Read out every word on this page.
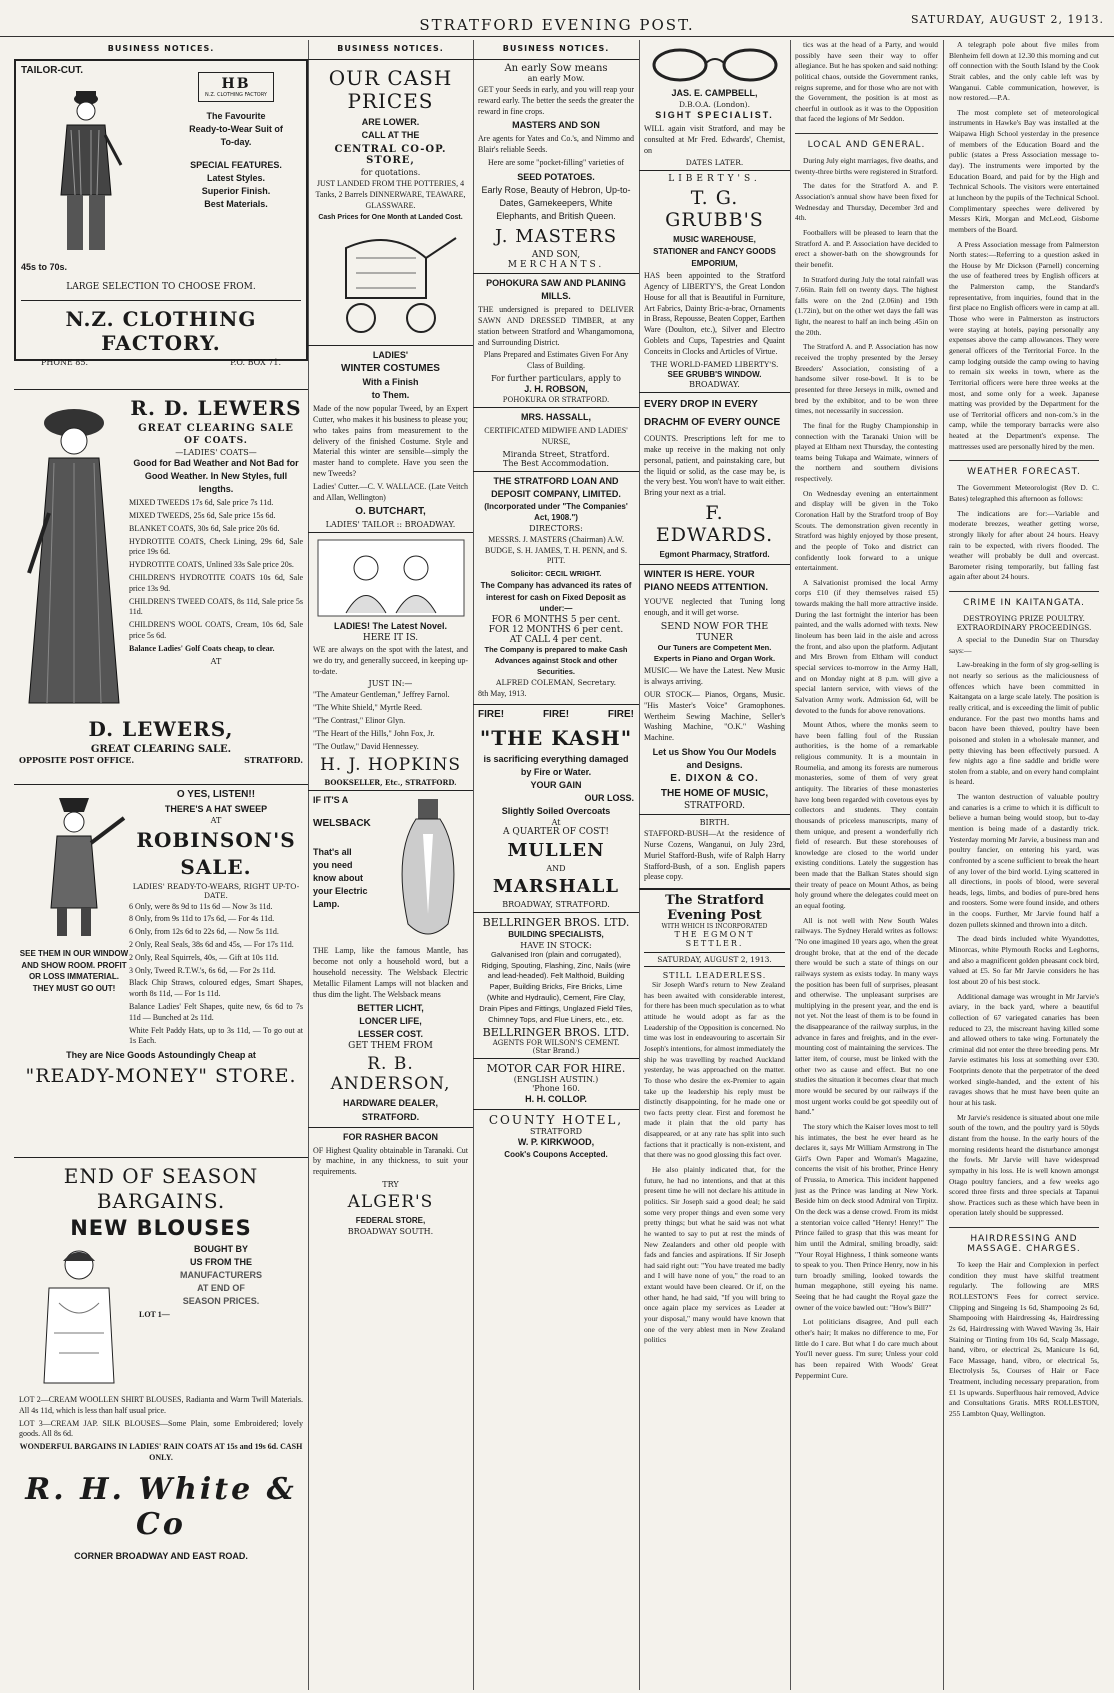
STRATFORD EVENING POST.	SATURDAY, AUGUST 2, 1913.
BUSINESS NOTICES.
TAILOR-CUT.
45s to 70s.
HB
N.Z. CLOTHING FACTORY
The Favourite
Ready-to-Wear Suit of
To-day.
SPECIAL FEATURES.
Latest Styles.
Superior Finish.
Best Materials.
LARGE SELECTION TO CHOOSE FROM.
N.Z. CLOTHING FACTORY.
PHONE 85.	P.O. BOX 71.
R. D. LEWERS
GREAT CLEARING SALE
OF COATS.
—LADIES' COATS—
Good for Bad Weather and Not Bad for Good Weather. In New Styles, full lengths.
MIXED TWEEDS 17s 6d, Sale price 7s 11d.
MIXED TWEEDS, 25s 6d, Sale price 15s 6d.
BLANKET COATS, 30s 6d, Sale price 20s 6d.
HYDROTITE COATS, Check Lining, 29s 6d, Sale price 19s 6d.
HYDROTITE COATS, Unlined 33s Sale price 20s.
CHILDREN'S HYDROTITE COATS 10s 6d, Sale price 13s 9d.
CHILDREN'S TWEED COATS, 8s 11d, Sale price 5s 11d.
CHILDREN'S WOOL COATS, Cream, 10s 6d, Sale price 5s 6d.
Balance Ladies' Golf Coats cheap, to clear.
AT
D. LEWERS,
GREAT CLEARING SALE.
OPPOSITE POST OFFICE.	STRATFORD.
SEE THEM IN OUR WINDOW AND SHOW ROOM. PROFIT OR LOSS IMMATERIAL. THEY MUST GO OUT!
O YES, LISTEN!!
THERE'S A HAT SWEEP
AT
ROBINSON'S
SALE.
LADIES' READY-TO-WEARS, RIGHT UP-TO-DATE.
6 Only, were 8s 9d to 11s 6d — Now 3s 11d.
8 Only, from 9s 11d to 17s 6d, — For 4s 11d.
6 Only, from 12s 6d to 22s 6d, — Now 5s 11d.
2 Only, Real Seals, 38s 6d and 45s, — For 17s 11d.
2 Only, Real Squirrels, 40s, — Gift at 10s 11d.
3 Only, Tweed R.T.W.'s, 6s 6d, — For 2s 11d.
Black Chip Straws, coloured edges, Smart Shapes, worth 8s 11d, — For 1s 11d.
Balance Ladies' Felt Shapes, quite new, 6s 6d to 7s 11d — Bunched at 2s 11d.
White Felt Paddy Hats, up to 3s 11d, — To go out at 1s Each.
They are Nice Goods Astoundingly Cheap at
"READY-MONEY" STORE.
END OF SEASON
BARGAINS.
NEW BLOUSES
BOUGHT BY
US FROM THE
MANUFACTURERS
AT END OF
SEASON PRICES.
LOT 1—
LOT 2—CREAM WOOLLEN SHIRT BLOUSES, Radianta and Warm Twill Materials. All 4s 11d, which is less than half usual price.
LOT 3—CREAM JAP. SILK BLOUSES—Some Plain, some Embroidered; lovely goods. All 8s 6d.
WONDERFUL BARGAINS IN LADIES' RAIN COATS AT 15s and 19s 6d. CASH ONLY.
R. H. White & Co
CORNER BROADWAY AND EAST ROAD.
BUSINESS NOTICES.
OUR CASH
PRICES
ARE LOWER.
CALL AT THE
CENTRAL CO-OP. STORE,
for quotations.
JUST LANDED FROM THE POTTERIES, 4 Tanks, 2 Barrels DINNERWARE, TEAWARE, GLASSWARE.
Cash Prices for One Month at Landed Cost.
LADIES'
WINTER COSTUMES
With a Finish
to Them.
Made of the now popular Tweed, by an Expert Cutter, who makes it his business to please you; who takes pains from measurement to the delivery of the finished Costume. Style and Material this winter are sensible—simply the master hand to complete. Have you seen the new Tweeds?
Ladies' Cutter.—C. V. WALLACE. (Late Veitch and Allan, Wellington)
O. BUTCHART,
LADIES' TAILOR :: BROADWAY.
LADIES! The Latest Novel.
HERE IT IS.
WE are always on the spot with the latest, and we do try, and generally succeed, in keeping up-to-date.
JUST IN:—
"The Amateur Gentleman," Jeffrey Farnol.
"The White Shield," Myrtle Reed.
"The Contrast," Elinor Glyn.
"The Heart of the Hills," John Fox, Jr.
"The Outlaw," David Hennessey.
H. J. HOPKINS
BOOKSELLER, Etc., STRATFORD.
IF IT'S A
WELSBACK
That's all
you need
know about
your Electric Lamp.
THE Lamp, like the famous Mantle, has become not only a household word, but a household necessity. The Welsback Electric Metallic Filament Lamps will not blacken and thus dim the light. The Welsback means
BETTER LICHT,
LONCER LIFE,
LESSER COST.
GET THEM FROM
R. B. ANDERSON,
HARDWARE DEALER,
STRATFORD.
FOR RASHER BACON
OF Highest Quality obtainable in Taranaki. Cut by machine, in any thickness, to suit your requirements.
TRY
ALGER'S
FEDERAL STORE,
BROADWAY SOUTH.
BUSINESS NOTICES.
An early Sow means
an early Mow.
GET your Seeds in early, and you will reap your reward early. The better the seeds the greater the reward in fine crops.
MASTERS AND SON
Are agents for Yates and Co.'s, and Nimmo and Blair's reliable Seeds.
Here are some "pocket-filling" varieties of
SEED POTATOES.
Early Rose, Beauty of Hebron, Up-to-Dates, Gamekeepers, White Elephants, and British Queen.
J. MASTERS
AND SON,
MERCHANTS.
POHOKURA SAW AND PLANING MILLS.
THE undersigned is prepared to DELIVER SAWN AND DRESSED TIMBER, at any station between Stratford and Whangamomona, and Surrounding District.
Plans Prepared and Estimates Given For Any Class of Building.
For further particulars, apply to
J. H. ROBSON,
POHOKURA OR STRATFORD.
MRS. HASSALL,
CERTIFICATED MIDWIFE AND LADIES' NURSE,
Miranda Street, Stratford.
The Best Accommodation.
THE STRATFORD LOAN AND DEPOSIT COMPANY, LIMITED.
(Incorporated under "The Companies' Act, 1908.")
DIRECTORS:
MESSRS. J. MASTERS (Chairman) A.W. BUDGE, S. H. JAMES, T. H. PENN, and S. PITT.
Solicitor: CECIL WRIGHT.
The Company has advanced its rates of interest for cash on Fixed Deposit as under:—
FOR 6 MONTHS 5 per cent.
FOR 12 MONTHS 6 per cent.
AT CALL 4 per cent.
The Company is prepared to make Cash Advances against Stock and other Securities.
ALFRED COLEMAN, Secretary.
8th May, 1913.
FIRE!	FIRE!	FIRE!
"THE KASH"
is sacrificing everything damaged by Fire or Water.
YOUR GAIN
OUR LOSS.
Slightly Soiled Overcoats
At
A QUARTER OF COST!
MULLEN
AND
MARSHALL
BROADWAY, STRATFORD.
BELLRINGER BROS. LTD.
BUILDING SPECIALISTS,
HAVE IN STOCK:
Galvanised Iron (plain and corrugated), Ridging, Spouting, Flashing, Zinc, Nails (wire and lead-headed). Felt Malthoid, Building Paper, Building Bricks, Fire Bricks, Lime (White and Hydraulic), Cement, Fire Clay, Drain Pipes and Fittings, Unglazed Field Tiles, Chimney Tops, and Flue Liners, etc., etc.
BELLRINGER BROS. LTD.
AGENTS FOR WILSON'S CEMENT.
(Star Brand.)
MOTOR CAR FOR HIRE.
(ENGLISH AUSTIN.)
'Phone 160.
H. H. COLLOP.
COUNTY HOTEL,
STRATFORD
W. P. KIRKWOOD,
Cook's Coupons Accepted.
JAS. E. CAMPBELL,
D.B.O.A. (London).
SIGHT SPECIALIST.
WILL again visit Stratford, and may be consulted at Mr Fred. Edwards', Chemist, on
DATES LATER.
LIBERTY'S.
T. G. GRUBB'S
MUSIC WAREHOUSE,
STATIONER and FANCY GOODS EMPORIUM,
HAS been appointed to the Stratford Agency of LIBERTY'S, the Great London House for all that is Beautiful in Furniture, Art Fabrics, Dainty Bric-a-brac, Ornaments in Brass, Repousse, Beaten Copper, Earthen Ware (Doulton, etc.), Silver and Electro Goblets and Cups, Tapestries and Quaint Conceits in Clocks and Articles of Virtue.
THE WORLD-FAMED LIBERTY'S.
SEE GRUBB'S WINDOW.
BROADWAY.
EVERY DROP IN EVERY DRACHM OF EVERY OUNCE
COUNTS. Prescriptions left for me to make up receive in the making not only personal, patient, and painstaking care, but the liquid or solid, as the case may be, is the very best. You won't have to wait either. Bring your next as a trial.
F. EDWARDS.
Egmont Pharmacy, Stratford.
WINTER IS HERE. YOUR PIANO NEEDS ATTENTION.
YOU'VE neglected that Tuning long enough, and it will get worse.
SEND NOW FOR THE TUNER
Our Tuners are Competent Men. Experts in Piano and Organ Work.
MUSIC— We have the Latest. New Music is always arriving.
OUR STOCK— Pianos, Organs, Music. "His Master's Voice" Gramophones. Wertheim Sewing Machine, Seller's Washing Machine, "O.K." Washing Machine.
Let us Show You Our Models and Designs.
E. DIXON & CO.
THE HOME OF MUSIC,
STRATFORD.
BIRTH.
STAFFORD-BUSH—At the residence of Nurse Cozens, Wanganui, on July 23rd, Muriel Stafford-Bush, wife of Ralph Harry Stafford-Bush, of a son. English papers please copy.
The Stratford Evening Post
WITH WHICH IS INCORPORATED
THE EGMONT SETTLER.
SATURDAY, AUGUST 2, 1913.
STILL LEADERLESS.

Sir Joseph Ward's return to New Zealand has been awaited with considerable interest, for there has been much speculation as to what attitude he would adopt as far as the Leadership of the Opposition is concerned. No time was lost in endeavouring to ascertain Sir Joseph's intentions, for almost immediately the ship he was travelling by reached Auckland yesterday, he was approached on the matter. To those who desire the ex-Premier to again take up the leadership his reply must be distinctly disappointing, for he made one or two facts pretty clear. First and foremost he made it plain that the old party has disappeared, or at any rate has split into such factions that it practically is non-existent, and that there was no good glossing this fact over.

He also plainly indicated that, for the future, he had no intentions, and that at this present time he will not declare his attitude in politics. Sir Joseph said a good deal; he said some very proper things and even some very pretty things; but what he said was not what he wanted to say to put at rest the minds of New Zealanders and other old people with fads and fancies and aspirations. If Sir Joseph had said right out: "You have treated me badly and I will have none of you," the road to an extant would have been cleared. Or if, on the other hand, he had said, "If you will bring to once again place my services as Leader at your disposal," many would have known that one of the very ablest men in New Zealand politics

tics was at the head of a Party, and would possibly have seen their way to offer allegiance. But he has spoken and said nothing: political chaos, outside the Government ranks, reigns supreme, and for those who are not with the Government, the position is at most as cheerful in outlook as it was to the Opposition that faced the legions of Mr Seddon.

LOCAL AND GENERAL.

During July eight marriages, five deaths, and twenty-three births were registered in Stratford.

The dates for the Stratford A. and P. Association's annual show have been fixed for Wednesday and Thursday, December 3rd and 4th.

Footballers will be pleased to learn that the Stratford A. and P. Association have decided to erect a shower-bath on the showgrounds for their benefit.

In Stratford during July the total rainfall was 7.66in. Rain fell on twenty days. The highest falls were on the 2nd (2.06in) and 19th (1.72in), but on the other wet days the fall was light, the nearest to half an inch being .45in on the 20th.

The Stratford A. and P. Association has now received the trophy presented by the Jersey Breeders' Association, consisting of a handsome silver rose-bowl. It is to be presented for three Jerseys in milk, owned and bred by the exhibitor, and to be won three times, not necessarily in succession.

The final for the Rugby Championship in connection with the Taranaki Union will be played at Eltham next Thursday, the contesting teams being Tukapa and Waimate, winners of the northern and southern divisions respectively.

On Wednesday evening an entertainment and display will be given in the Toko Coronation Hall by the Stratford troop of Boy Scouts. The demonstration given recently in Stratford was highly enjoyed by those present, and the people of Toko and district can confidently look forward to a unique entertainment.

A Salvationist promised the local Army corps £10 (if they themselves raised £5) towards making the hall more attractive inside. During the last fortnight the interior has been painted, and the walls adorned with texts. New linoleum has been laid in the aisle and across the front, and also upon the platform. Adjutant and Mrs Brown from Eltham will conduct special services to-morrow in the Army Hall, and on Monday night at 8 p.m. will give a special lantern service, with views of the Salvation Army work. Admission 6d, will be devoted to the funds for above renovations.

Mount Athos, where the monks seem to have been falling foul of the Russian authorities, is the home of a remarkable religious community. It is a mountain in Roumelia, and among its forests are numerous monasteries, some of them of very great antiquity. The libraries of these monasteries have long been regarded with covetous eyes by collectors and students. They contain thousands of priceless manuscripts, many of them unique, and present a wonderfully rich field of research. But these storehouses of knowledge are closed to the world under existing conditions. Lately the suggestion has been made that the Balkan States should sign their treaty of peace on Mount Athos, as being holy ground where the delegates could meet on an equal footing.

All is not well with New South Wales railways. The Sydney Herald writes as follows: "No one imagined 10 years ago, when the great drought broke, that at the end of the decade there would be such a state of things on our railways system as exists today. In many ways the position has been full of surprises, pleasant and otherwise. The unpleasant surprises are multiplying in the present year, and the end is not yet. Not the least of them is to be found in the disappearance of the railway surplus, in the advance in fares and freights, and in the ever-mounting cost of maintaining the services. The latter item, of course, must be linked with the other two as cause and effect. But no one studies the situation it becomes clear that much more would be secured by our railways if the most urgent works could be got speedily out of hand."

The story which the Kaiser loves most to tell his intimates, the best he ever heard as he declares it, says Mr William Armstrong in The Girl's Own Paper and Woman's Magazine, concerns the visit of his brother, Prince Henry of Prussia, to America. This incident happened just as the Prince was landing at New York. Beside him on deck stood Admiral von Tirpitz. On the deck was a dense crowd. From its midst a stentorian voice called "Henry! Henry!" The Prince failed to grasp that this was meant for him until the Admiral, smiling broadly, said: "Your Royal Highness, I think someone wants to speak to you. Then Prince Henry, now in his turn broadly smiling, looked towards the human megaphone, still eyeing his name. Seeing that he had caught the Royal gaze the owner of the voice bawled out: "How's Bill?"

Lot politicians disagree, And pull each other's hair; It makes no difference to me, For little do I care. But what I do care much about You'll never guess. I'm sure; Unless your cold has been repaired With Woods' Great Peppermint Cure.

A telegraph pole about five miles from Blenheim fell down at 12.30 this morning and cut off connection with the South Island by the Cook Strait cables, and the only cable left was by Wanganui. Cable communication, however, is now restored.—P.A.

The most complete set of meteorological instruments in Hawke's Bay was installed at the Waipawa High School yesterday in the presence of members of the Education Board and the public (states a Press Association message to-day). The instruments were imported by the Education Board, and paid for by the High and Technical Schools. The visitors were entertained at luncheon by the pupils of the Technical School. Complimentary speeches were delivered by Messrs Kirk, Morgan and McLeod, Gisborne members of the Board.

A Press Association message from Palmerston North states:—Referring to a question asked in the House by Mr Dickson (Parnell) concerning the use of feathered trees by English officers at the Palmerston camp, the Standard's representative, from inquiries, found that in the first place no English officers were in camp at all. Those who were in Palmerston as instructors were staying at hotels, paying personally any expenses above the camp allowances. They were general officers of the Territorial Force. In the camp lodging outside the camp owing to having to remain six weeks in town, where as the Territorial officers were here three weeks at the most, and some only for a week. Japanese matting was provided by the Department for the use of Territorial officers and non-com.'s in the camp, while the temporary barracks were also heated at the Department's expense. The mattresses used are personally hired by the men.

WEATHER FORECAST.

The Government Meteorologist (Rev D. C. Bates) telegraphed this afternoon as follows:

The indications are for:—Variable and moderate breezes, weather getting worse, strongly likely for after about 24 hours. Heavy rain to be expected, with rivers flooded. The weather will probably be dull and overcast. Barometer rising temporarily, but falling fast again after about 24 hours.

CRIME IN KAITANGATA.
DESTROYING PRIZE POULTRY.
EXTRAORDINARY PROCEEDINGS.

A special to the Dunedin Star on Thursday says:—

Law-breaking in the form of sly grog-selling is not nearly so serious as the maliciousness of offences which have been committed in Kaitangata on a large scale lately. The position is really critical, and is exceeding the limit of public endurance. For the past two months hams and bacon have been thieved, poultry have been poisoned and stolen in a wholesale manner, and petty thieving has been effectively pursued. A few nights ago a fine saddle and bridle were stolen from a stable, and on every hand complaint is heard.

The wanton destruction of valuable poultry and canaries is a crime to which it is difficult to believe a human being would stoop, but to-day mention is being made of a dastardly trick. Yesterday morning Mr Jarvie, a business man and poultry fancier, on entering his yard, was confronted by a scene sufficient to break the heart of any lover of the bird world. Lying scattered in all directions, in pools of blood, were several heads, legs, limbs, and bodies of pure-bred hens and roosters. Some were found inside, and others in the coops. Further, Mr Jarvie found half a dozen pullets skinned and thrown into a ditch.

The dead birds included white Wyandottes, Minorcas, white Plymouth Rocks and Leghorns, and also a magnificent golden pheasant cock bird, valued at £5. So far Mr Jarvie considers he has lost about 20 of his best stock.

Additional damage was wrought in Mr Jarvie's aviary, in the back yard, where a beautiful collection of 67 variegated canaries has been reduced to 23, the miscreant having killed some and allowed others to take wing. Fortunately the criminal did not enter the three breeding pens. Mr Jarvie estimates his loss at something over £30. Footprints denote that the perpetrator of the deed worked single-handed, and the extent of his ravages shows that he must have been quite an hour at his task.

Mr Jarvie's residence is situated about one mile south of the town, and the poultry yard is 50yds distant from the house. In the early hours of the morning residents heard the disturbance amongst the fowls. Mr Jarvie will have widespread sympathy in his loss. He is well known amongst Otago poultry fanciers, and a few weeks ago scored three firsts and three specials at Tapanui show. Practices such as these which have been in operation lately should be suppressed.

HAIRDRESSING AND MASSAGE. CHARGES.

To keep the Hair and Complexion in perfect condition they must have skilful treatment regularly. The following are MRS ROLLESTON'S Fees for correct service. Clipping and Singeing 1s 6d, Shampooing 2s 6d, Shampooing with Hairdressing 4s, Hairdressing 2s 6d, Hairdressing with Waved Waving 3s, Hair Staining or Tinting from 10s 6d, Scalp Massage, hand, vibro, or electrical 2s, Manicure 1s 6d, Face Massage, hand, vibro, or electrical 5s, Electrolysis 5s, Courses of Hair or Face Treatment, including necessary preparation, from £1 1s upwards. Superfluous hair removed, Advice and Consultations Gratis. MRS ROLLESTON, 255 Lambton Quay, Wellington.
